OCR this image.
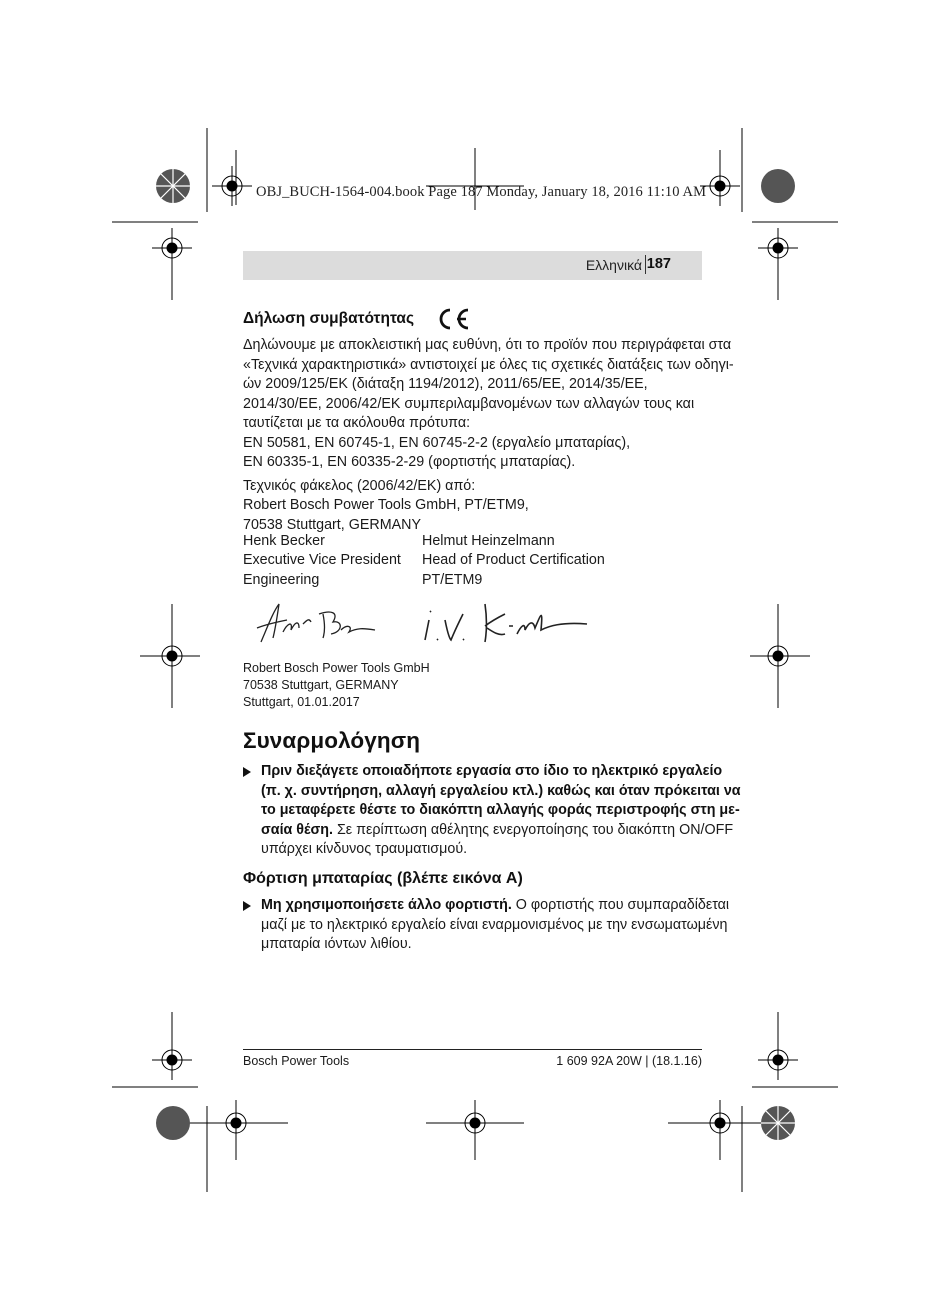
OBJ_BUCH-1564-004.book Page 187 Monday, January 18, 2016 11:10 AM
Ελληνικά 187
Δήλωση συμβατότητας
Δηλώνουμε με αποκλειστική μας ευθύνη, ότι το προϊόν που περιγράφεται στα
«Τεχνικά χαρακτηριστικά» αντιστοιχεί με όλες τις σχετικές διατάξεις των οδηγι-
ών 2009/125/ΕΚ (διάταξη 1194/2012), 2011/65/ΕΕ, 2014/35/ΕΕ,
2014/30/ΕΕ, 2006/42/ΕΚ συμπεριλαμβανομένων των αλλαγών τους και
ταυτίζεται με τα ακόλουθα πρότυπα:
EN 50581, EN 60745-1, EN 60745-2-2 (εργαλείο μπαταρίας),
EN 60335-1, EN 60335-2-29 (φορτιστής μπαταρίας).
Τεχνικός φάκελος (2006/42/ΕΚ) από:
Robert Bosch Power Tools GmbH, PT/ETM9,
70538 Stuttgart, GERMANY
Henk Becker
Executive Vice President
Engineering
Helmut Heinzelmann
Head of Product Certification
PT/ETM9
Robert Bosch Power Tools GmbH
70538 Stuttgart, GERMANY
Stuttgart, 01.01.2017
Συναρμολόγηση
Πριν διεξάγετε οποιαδήποτε εργασία στο ίδιο το ηλεκτρικό εργαλείο
(π. χ. συντήρηση, αλλαγή εργαλείου κτλ.) καθώς και όταν πρόκειται να
το μεταφέρετε θέστε το διακόπτη αλλαγής φοράς περιστροφής στη με-
σαία θέση. Σε περίπτωση αθέλητης ενεργοποίησης του διακόπτη ON/OFF
υπάρχει κίνδυνος τραυματισμού.
Φόρτιση μπαταρίας (βλέπε εικόνα A)
Μη χρησιμοποιήσετε άλλο φορτιστή. Ο φορτιστής που συμπαραδίδεται
μαζί με το ηλεκτρικό εργαλείο είναι εναρμονισμένος με την ενσωματωμένη
μπαταρία ιόντων λιθίου.
Bosch Power Tools	1 609 92A 20W | (18.1.16)
